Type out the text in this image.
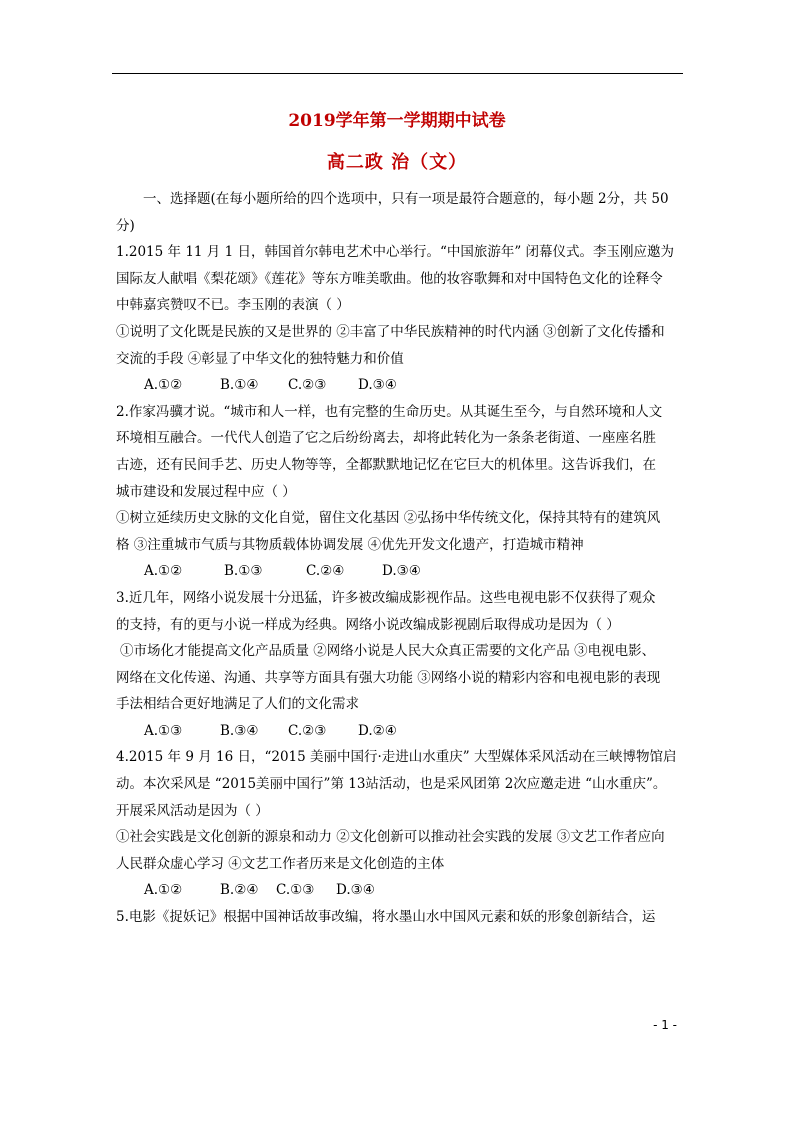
2019学年第一学期期中试卷
高二政 治（文）

一、选择题(在每小题所给的四个选项中，只有一项是最符合题意的，每小题 2分，共 50

分)

1.2015 年 11 月 1 日，韩国首尔韩电艺术中心举行。“中国旅游年” 闭幕仪式。李玉刚应邀为

国际友人献唱《梨花颂》《莲花》等东方唯美歌曲。他的妆容歌舞和对中国特色文化的诠释令

中韩嘉宾赞叹不已。李玉刚的表演（ ）

①说明了文化既是民族的又是世界的 ②丰富了中华民族精神的时代内涵 ③创新了文化传播和

交流的手段 ④彰显了中华文化的独特魅力和价值

A.①②	B.①④ C.②③ D.③④

2.作家冯骥才说。“城市和人一样，也有完整的生命历史。从其诞生至今，与自然环境和人文

环境相互融合。一代代人创造了它之后纷纷离去，却将此转化为一条条老街道、一座座名胜

古迹，还有民间手艺、历史人物等等，全都默默地记忆在它巨大的机体里。这告诉我们，在

城市建设和发展过程中应（ ）

①树立延续历史文脉的文化自觉，留住文化基因 ②弘扬中华传统文化，保持其特有的建筑风

格 ③注重城市气质与其物质载体协调发展 ④优先开发文化遗产，打造城市精神

A.①②	B.①③	C.②④	D.③④

3.近几年，网络小说发展十分迅猛，许多被改编成影视作品。这些电视电影不仅获得了观众

的支持，有的更与小说一样成为经典。网络小说改编成影视剧后取得成功是因为（ ）

①市场化才能提高文化产品质量 ②网络小说是人民大众真正需要的文化产品 ③电视电影、

网络在文化传递、沟通、共享等方面具有强大功能 ③网络小说的精彩内容和电视电影的表现

手法相结合更好地满足了人们的文化需求

A.①③	B.③④ C.②③ D.②④

4.2015 年 9 月 16 日，“2015 美丽中国行·走进山水重庆” 大型媒体采风活动在三峡博物馆启

动。本次采风是 “2015美丽中国行”第 13站活动，也是采风团第 2次应邀走进 “山水重庆”。

开展采风活动是因为（ ）

①社会实践是文化创新的源泉和动力 ②文化创新可以推动社会实践的发展 ③文艺工作者应向

人民群众虚心学习 ④文艺工作者历来是文化创造的主体

A.①②	B.②④ C.①③ D.③④

5.电影《捉妖记》根据中国神话故事改编，将水墨山水中国风元素和妖的形象创新结合，运

- 1 -
